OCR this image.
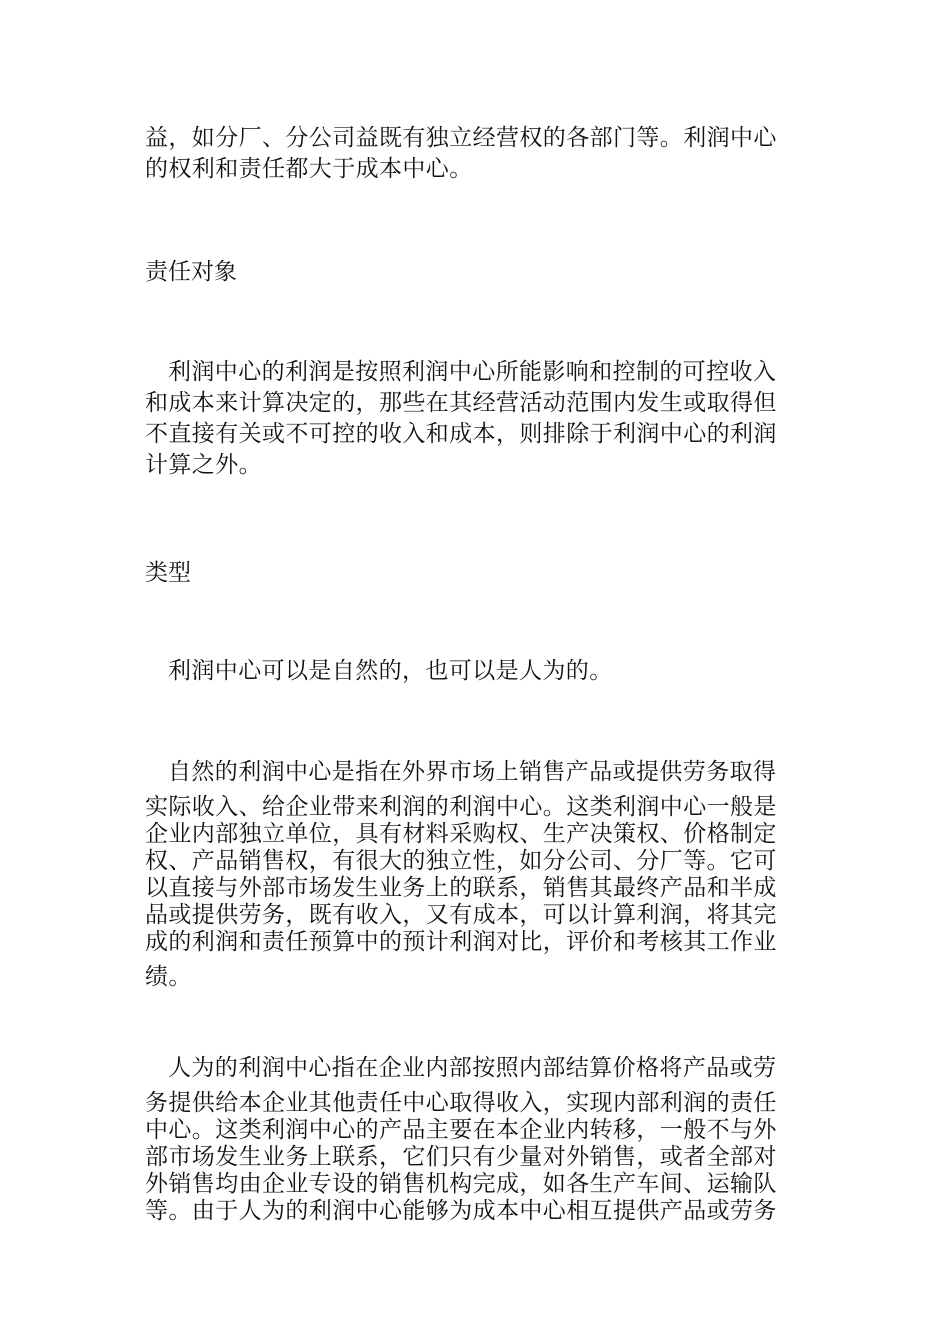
益，如分厂、分公司益既有独立经营权的各部门等。利润中心
的权利和责任都大于成本中心。
责任对象
利润中心的利润是按照利润中心所能影响和控制的可控收入
和成本来计算决定的，那些在其经营活动范围内发生或取得但
不直接有关或不可控的收入和成本，则排除于利润中心的利润
计算之外。
类型
利润中心可以是自然的，也可以是人为的。
自然的利润中心是指在外界市场上销售产品或提供劳务取得
实际收入、给企业带来利润的利润中心。这类利润中心一般是
企业内部独立单位，具有材料采购权、生产决策权、价格制定
权、产品销售权，有很大的独立性，如分公司、分厂等。它可
以直接与外部市场发生业务上的联系，销售其最终产品和半成
品或提供劳务，既有收入，又有成本，可以计算利润，将其完
成的利润和责任预算中的预计利润对比，评价和考核其工作业
绩。
人为的利润中心指在企业内部按照内部结算价格将产品或劳
务提供给本企业其他责任中心取得收入，实现内部利润的责任
中心。这类利润中心的产品主要在本企业内转移，一般不与外
部市场发生业务上联系，它们只有少量对外销售，或者全部对
外销售均由企业专设的销售机构完成，如各生产车间、运输队
等。由于人为的利润中心能够为成本中心相互提供产品或劳务
